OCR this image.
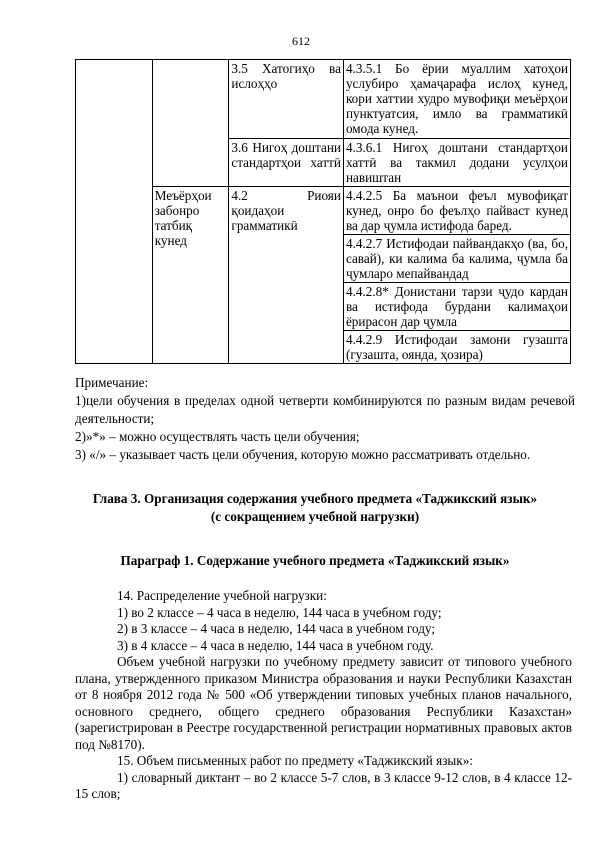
612
		3.5 Хатогиҳо ва ислоҳҳо	4.3.5.1 Бо ёрии муаллим хатоҳои услубиро ҳамаҷарафа ислоҳ кунед, кори хаттии худро мувофиқи меъёрҳои пунктуатсия, имло ва грамматикӣ омода кунед.
		3.6 Нигоҳ доштани стандартҳои хаттӣ	4.3.6.1 Нигоҳ доштани стандартҳои хаттӣ ва такмил додани усулҳои навиштан
	Меъёрҳои забонро татбиқ кунед	4.2 Риояи қоидаҳои грамматикӣ	4.4.2.5 Ба маънои феъл мувофиқат кунед, онро бо феълҳо пайваст кунед ва дар ҷумла истифода баред.
			4.4.2.7 Истифодаи пайвандакҳо (ва, бо, савай), ки калима ба калима, ҷумла ба ҷумларо мепайвандад
			4.4.2.8* Донистани тарзи ҷудо кардан ва истифода бурдани калимаҳои ёрирасон дар ҷумла
			4.4.2.9 Истифодаи замони гузашта (гузашта, оянда, ҳозира)

Примечание:

1)цели обучения в пределах одной четверти комбинируются по разным видам речевой деятельности;

2)»*» – можно осуществлять часть цели обучения;

3) «/» – указывает часть цели обучения, которую можно рассматривать отдельно.

Глава 3. Организация содержания учебного предмета «Таджикский язык»
(с сокращением учебной нагрузки)
Параграф 1. Содержание учебного предмета «Таджикский язык»

14. Распределение учебной нагрузки:

1) во 2 классе – 4 часа в неделю, 144 часа в учебном году;

2) в 3 классе – 4 часа в неделю, 144 часа в учебном году;

3) в 4 классе – 4 часа в неделю, 144 часа в учебном году.

Объем учебной нагрузки по учебному предмету зависит от типового учебного плана, утвержденного приказом Министра образования и науки Республики Казахстан от 8 ноября 2012 года № 500 «Об утверждении типовых учебных планов начального, основного среднего, общего среднего образования Республики Казахстан» (зарегистрирован в Реестре государственной регистрации нормативных правовых актов под №8170).

15. Объем письменных работ по предмету «Таджикский язык»:

1) словарный диктант – во 2 классе 5-7 слов, в 3 классе 9-12 слов, в 4 классе 12-15 слов;
